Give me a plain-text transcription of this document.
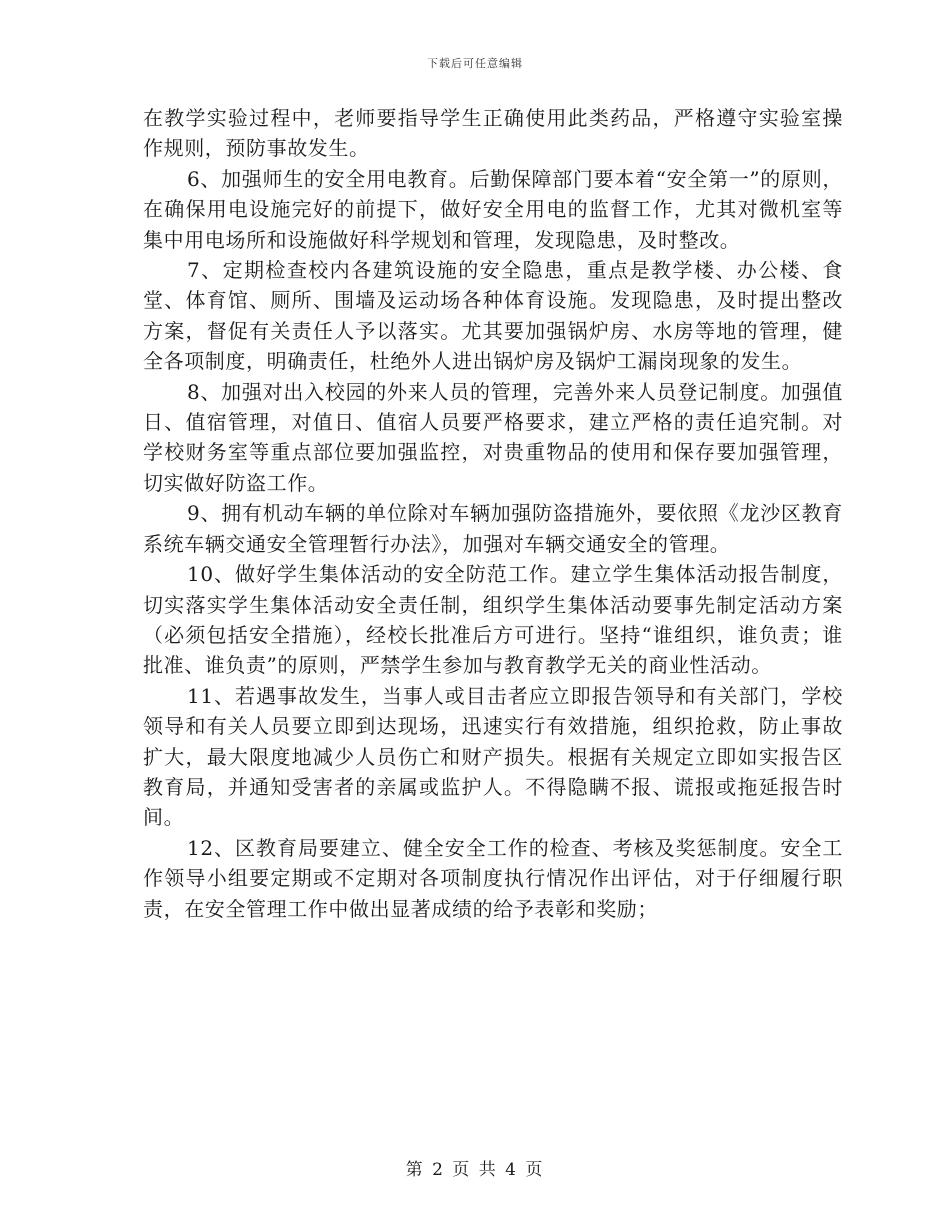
下载后可任意编辑

在教学实验过程中，老师要指导学生正确使用此类药品，严格遵守实验室操作规则，预防事故发生。

6、加强师生的安全用电教育。后勤保障部门要本着“安全第一”的原则，在确保用电设施完好的前提下，做好安全用电的监督工作，尤其对微机室等集中用电场所和设施做好科学规划和管理，发现隐患，及时整改。

7、定期检查校内各建筑设施的安全隐患，重点是教学楼、办公楼、食堂、体育馆、厕所、围墙及运动场各种体育设施。发现隐患，及时提出整改方案，督促有关责任人予以落实。尤其要加强锅炉房、水房等地的管理，健全各项制度，明确责任，杜绝外人进出锅炉房及锅炉工漏岗现象的发生。

8、加强对出入校园的外来人员的管理，完善外来人员登记制度。加强值日、值宿管理，对值日、值宿人员要严格要求，建立严格的责任追究制。对学校财务室等重点部位要加强监控，对贵重物品的使用和保存要加强管理，切实做好防盗工作。

9、拥有机动车辆的单位除对车辆加强防盗措施外，要依照《龙沙区教育系统车辆交通安全管理暂行办法》，加强对车辆交通安全的管理。

10、做好学生集体活动的安全防范工作。建立学生集体活动报告制度，切实落实学生集体活动安全责任制，组织学生集体活动要事先制定活动方案（必须包括安全措施），经校长批准后方可进行。坚持“谁组织，谁负责；谁批准、谁负责”的原则，严禁学生参加与教育教学无关的商业性活动。

11、若遇事故发生，当事人或目击者应立即报告领导和有关部门，学校领导和有关人员要立即到达现场，迅速实行有效措施，组织抢救，防止事故扩大，最大限度地减少人员伤亡和财产损失。根据有关规定立即如实报告区教育局，并通知受害者的亲属或监护人。不得隐瞒不报、谎报或拖延报告时间。

12、区教育局要建立、健全安全工作的检查、考核及奖惩制度。安全工作领导小组要定期或不定期对各项制度执行情况作出评估，对于仔细履行职责，在安全管理工作中做出显著成绩的给予表彰和奖励；

第 2 页 共 4 页
